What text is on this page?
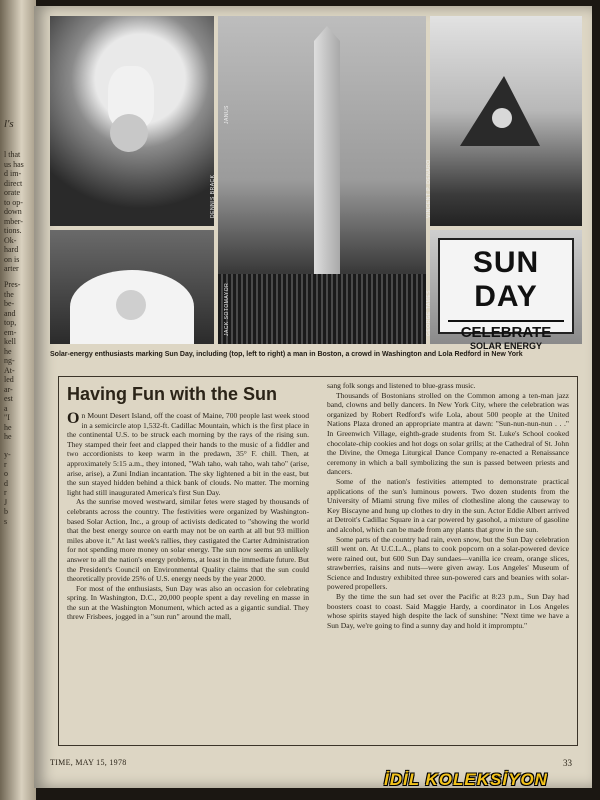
l's
l that
us has
d im-
direct
orate
to op-
down
mber-
tions.
Ok-
hard
on is
arter
Pres-
the
be-
and
top,
em-
kell
he
ng-
At-
led
ar-
est
a
"I
he
he
y-
r
o
d
r
J
b
s
DENNIS BRACK
JANUS
JACK SOTOMAYOR
VINCENT P. DENARO
SUN DAY
CELEBRATE
SOLAR ENERGY
GEORGE TAMES
Solar-energy enthusiasts marking Sun Day, including (top, left to right) a man in Boston, a crowd in Washington and Lola Redford in New York
Having Fun with the Sun

On Mount Desert Island, off the coast of Maine, 700 people last week stood in a semicircle atop 1,532-ft. Cadillac Mountain, which is the first place in the continental U.S. to be struck each morning by the rays of the rising sun. They stamped their feet and clapped their hands to the music of a fiddler and two accordionists to keep warm in the predawn, 35° F. chill. Then, at approximately 5:15 a.m., they intoned, "Wah taho, wah taho, wah taho" (arise, arise, arise), a Zuni Indian incantation. The sky lightened a bit in the east, but the sun stayed hidden behind a thick bank of clouds. No matter. The morning light had still inaugurated America's first Sun Day.

As the sunrise moved westward, similar fetes were staged by thousands of celebrants across the country. The festivities were organized by Washington-based Solar Action, Inc., a group of activists dedicated to "showing the world that the best energy source on earth may not be on earth at all but 93 million miles above it." At last week's rallies, they castigated the Carter Administration for not spending more money on solar energy. The sun now seems an unlikely answer to all the nation's energy problems, at least in the immediate future. But the President's Council on Environmental Quality claims that the sun could theoretically provide 25% of U.S. energy needs by the year 2000.

For most of the enthusiasts, Sun Day was also an occasion for celebrating spring. In Washington, D.C., 20,000 people spent a day reveling en masse in the sun at the Washington Monument, which acted as a gigantic sundial. They threw Frisbees, jogged in a "sun run" around the mall,

sang folk songs and listened to blue-grass music.

Thousands of Bostonians strolled on the Common among a ten-man jazz band, clowns and belly dancers. In New York City, where the celebration was organized by Robert Redford's wife Lola, about 500 people at the United Nations Plaza droned an appropriate mantra at dawn: "Sun-nun-nun-nun . . ." In Greenwich Village, eighth-grade students from St. Luke's School cooked chocolate-chip cookies and hot dogs on solar grills; at the Cathedral of St. John the Divine, the Omega Liturgical Dance Company re-enacted a Renaissance ceremony in which a ball symbolizing the sun is passed between priests and dancers.

Some of the nation's festivities attempted to demonstrate practical applications of the sun's luminous powers. Two dozen students from the University of Miami strung five miles of clothesline along the causeway to Key Biscayne and hung up clothes to dry in the sun. Actor Eddie Albert arrived at Detroit's Cadillac Square in a car powered by gasohol, a mixture of gasoline and alcohol, which can be made from any plants that grow in the sun.

Some parts of the country had rain, even snow, but the Sun Day celebration still went on. At U.C.L.A., plans to cook popcorn on a solar-powered device were rained out, but 600 Sun Day sundaes—vanilla ice cream, orange slices, strawberries, raisins and nuts—were given away. Los Angeles' Museum of Science and Industry exhibited three sun-powered cars and beanies with solar-powered propellers.

By the time the sun had set over the Pacific at 8:23 p.m., Sun Day had boosters coast to coast. Said Maggie Hardy, a coordinator in Los Angeles whose spirits stayed high despite the lack of sunshine: "Next time we have a Sun Day, we're going to find a sunny day and hold it impromptu."

TIME, MAY 15, 1978	33
İDİL KOLEKSİYON
